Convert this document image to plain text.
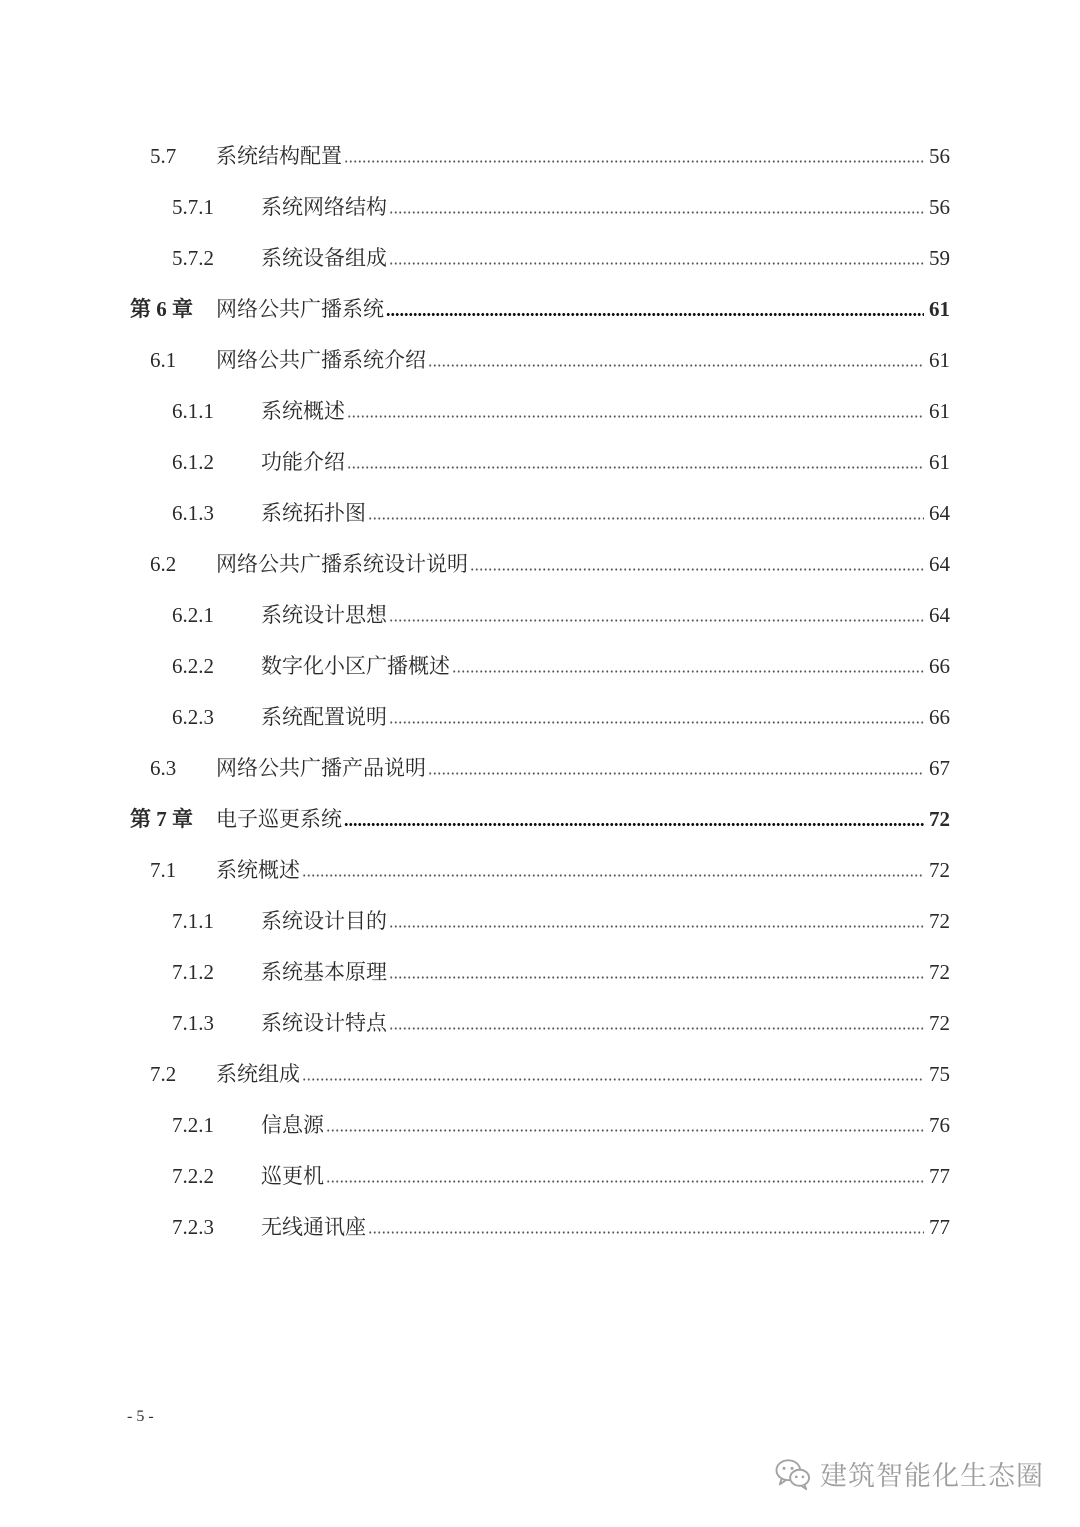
5.7	系统结构配置	56
5.7.1	系统网络结构	56
5.7.2	系统设备组成	59
第 6 章	网络公共广播系统	61
6.1	网络公共广播系统介绍	61
6.1.1	系统概述	61
6.1.2	功能介绍	61
6.1.3	系统拓扑图	64
6.2	网络公共广播系统设计说明	64
6.2.1	系统设计思想	64
6.2.2	数字化小区广播概述	66
6.2.3	系统配置说明	66
6.3	网络公共广播产品说明	67
第 7 章	电子巡更系统	72
7.1	系统概述	72
7.1.1	系统设计目的	72
7.1.2	系统基本原理	72
7.1.3	系统设计特点	72
7.2	系统组成	75
7.2.1	信息源	76
7.2.2	巡更机	77
7.2.3	无线通讯座	77
- 5 -
建筑智能化生态圈
